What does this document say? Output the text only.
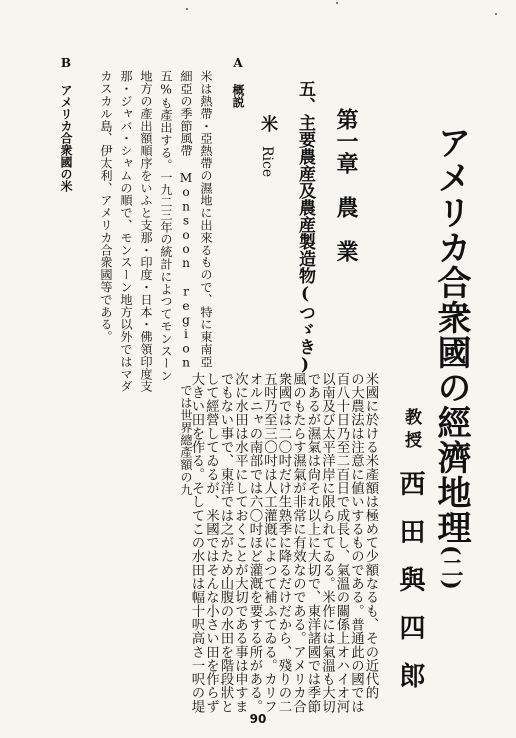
アメリカ合衆國の經濟地理(二)
教授
西田與四郎
米國に於ける米產額は極めて少額なるも、その近代的
の大農法は注意に値いするものである。普通此の國では
百八十日乃至二百日で成長し、氣溫の關係上オハイオ河
以南及び太平洋岸に限られてゐる。米作には氣溫も大切
であるが濕氣は尙それ以上に大切で、東洋諸國では季節
風のもたらす濕氣が非常に有效なのである。アメリカ合
衆國では二〇吋だけ生熟季に降るだけだから、殘りの二
五吋乃至三〇吋は人工灌漑によつて補ふてゐる。カリフ
オルニャの南部では六〇吋ほど灌漑を要する所がある。
次に水田は水平にしておくことが大切である事は申すま
でもない事で、東洋では之がため山腹の水田を階段狀と
して經營してゐるが、米國ではそんな小さい田を作らず
大きい田を作る。そしてこの水田は幅十呎高さ一呎の堤
第一章　農　業
五、主要農産及農産製造物(つゞき)
米Rice
A 概説
米は熱帶・亞熱帶の濕地に出來るもので、特に東南亞
細亞の季節風帶 Monsoon region では世界總產額の九
五%も產出する。一九二三年の統計によつてモンスーン
地方の產出額順序をいふと支那・印度・日本・佛領印度支
那・ジャバ・シャムの順で、モンスーン地方以外ではマダ
カスカル島、伊太利、アメリカ合衆國等である。
B アメリカ合衆國の米
90
